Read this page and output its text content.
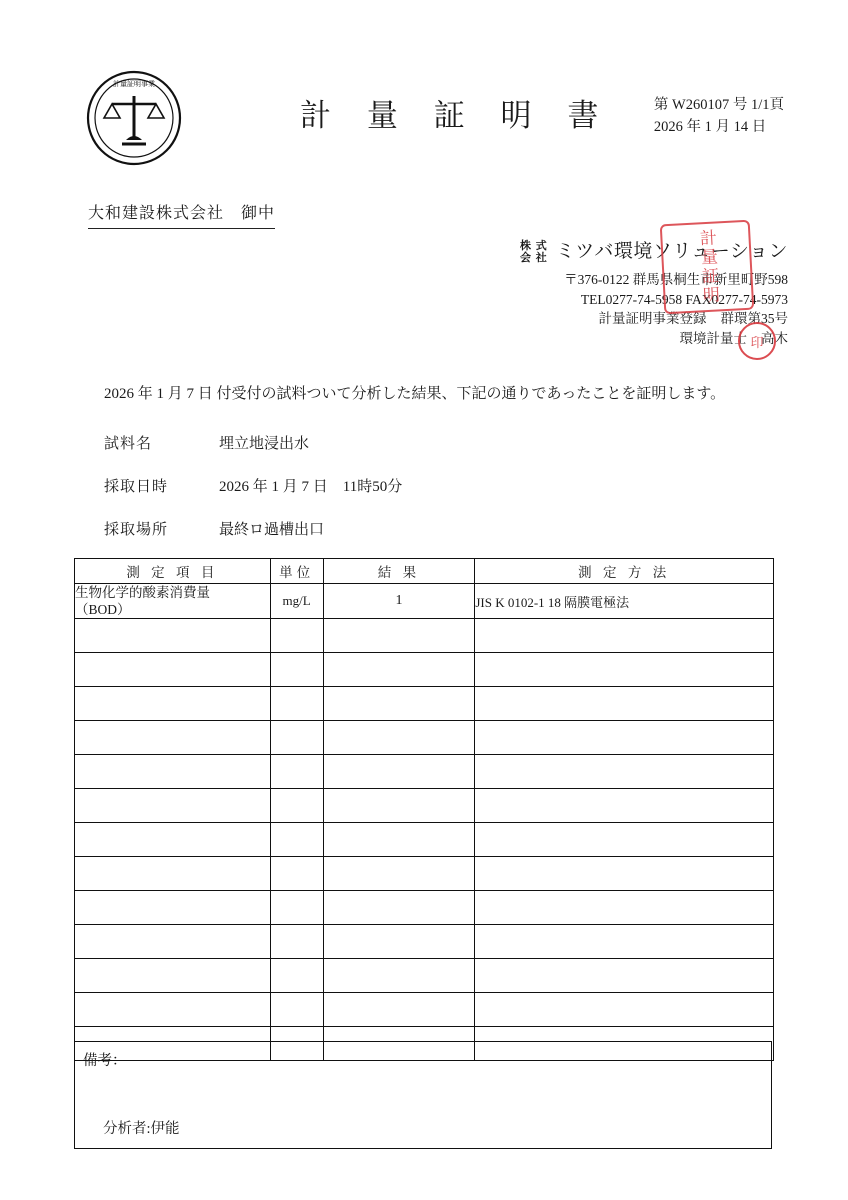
計量証明事業
計 量 証 明 書	第 W260107 号 1/1頁
2026 年 1 月 14 日
大和建設株式会社　御中
株 式
会 社 ミツバ環境ソリューション
〒376-0122 群馬県桐生市新里町野598
TEL0277-74-5958 FAX0277-74-5973
計量証明事業登録 群環第35号
環境計量士 高木
計量証明
印
2026 年 1 月 7 日 付受付の試料ついて分析した結果、下記の通りであったことを証明します。
試料名	埋立地浸出水
採取日時	2026 年 1 月 7 日　11時50分
採取場所	最終ロ過槽出口
測 定 項 目	単位	結 果	測 定 方 法

生物化学的酸素消費量
（BOD）	mg/L	1	JIS K 0102-1 18 隔膜電極法

備考：
分析者:伊能
